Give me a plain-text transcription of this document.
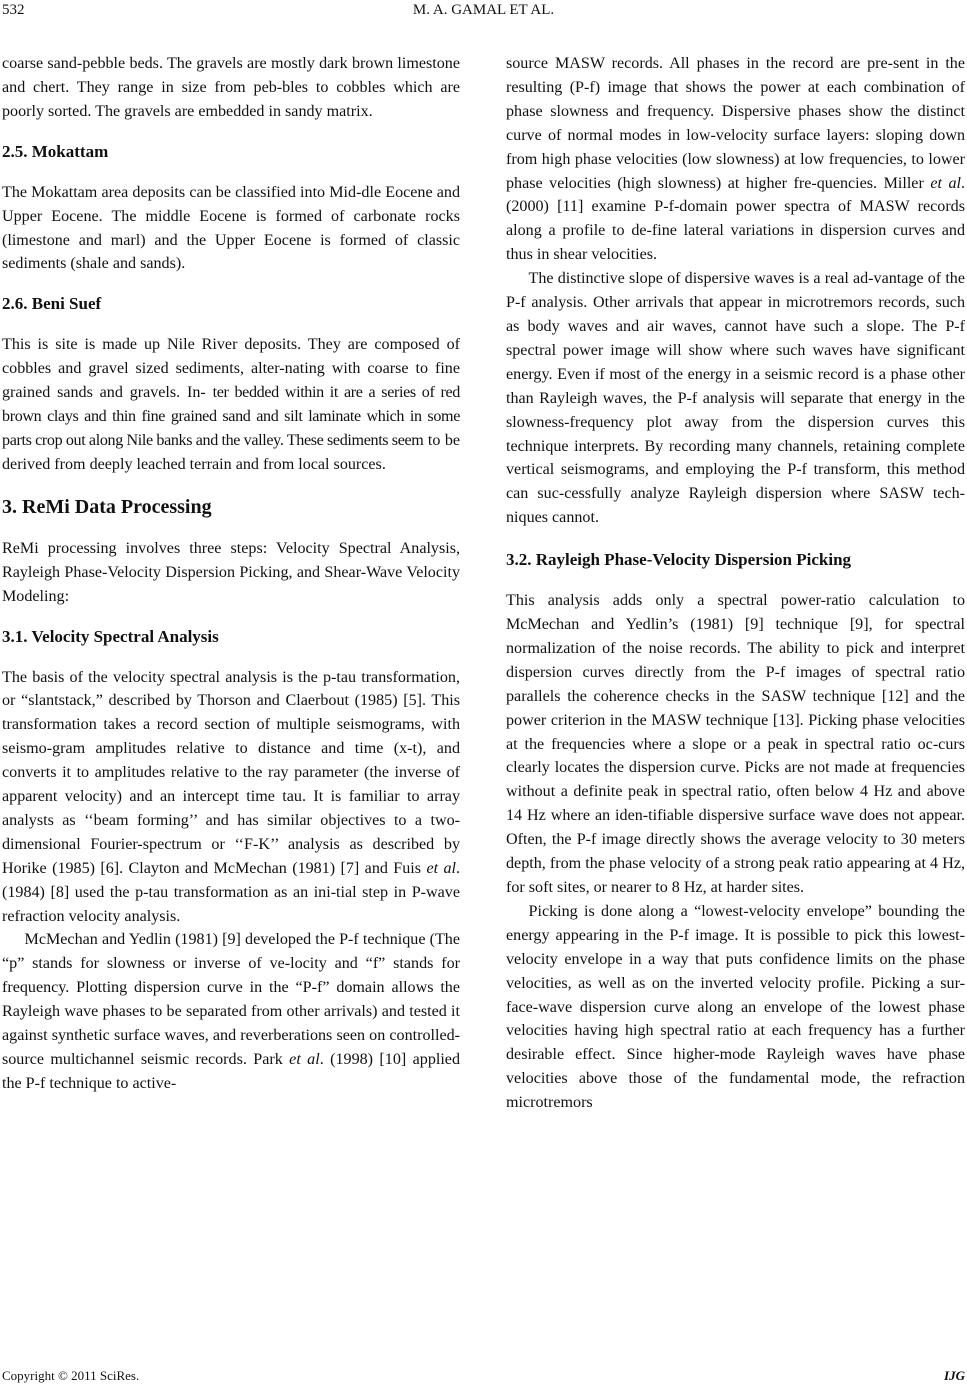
532	M. A. GAMAL ET AL.

coarse sand-pebble beds. The gravels are mostly dark brown limestone and chert. They range in size from peb-bles to cobbles which are poorly sorted. The gravels are embedded in sandy matrix.

2.5. Mokattam

The Mokattam area deposits can be classified into Mid-dle Eocene and Upper Eocene. The middle Eocene is formed of carbonate rocks (limestone and marl) and the Upper Eocene is formed of classic sediments (shale and sands).

2.6. Beni Suef

This is site is made up Nile River deposits. They are composed of cobbles and gravel sized sediments, alter-nating with coarse to fine grained sands and gravels. In- ter bedded within it are a series of red brown clays and thin fine grained sand and silt laminate which in some parts crop out along Nile banks and the valley. These sediments seem to be derived from deeply leached terrain and from local sources.

3. ReMi Data Processing

ReMi processing involves three steps: Velocity Spectral Analysis, Rayleigh Phase-Velocity Dispersion Picking, and Shear-Wave Velocity Modeling:

3.1. Velocity Spectral Analysis

The basis of the velocity spectral analysis is the p-tau transformation, or “slantstack,” described by Thorson and Claerbout (1985) [5]. This transformation takes a record section of multiple seismograms, with seismo-gram amplitudes relative to distance and time (x-t), and converts it to amplitudes relative to the ray parameter (the inverse of apparent velocity) and an intercept time tau. It is familiar to array analysts as ‘‘beam forming’’ and has similar objectives to a two-dimensional Fourier-spectrum or ‘‘F-K’’ analysis as described by Horike (1985) [6]. Clayton and McMechan (1981) [7] and Fuis et al. (1984) [8] used the p-tau transformation as an ini-tial step in P-wave refraction velocity analysis.

McMechan and Yedlin (1981) [9] developed the P-f technique (The “p” stands for slowness or inverse of ve-locity and “f” stands for frequency. Plotting dispersion curve in the “P-f” domain allows the Rayleigh wave phases to be separated from other arrivals) and tested it against synthetic surface waves, and reverberations seen on controlled-source multichannel seismic records. Park et al. (1998) [10] applied the P-f technique to active-

source MASW records. All phases in the record are pre-sent in the resulting (P-f) image that shows the power at each combination of phase slowness and frequency. Dispersive phases show the distinct curve of normal modes in low-velocity surface layers: sloping down from high phase velocities (low slowness) at low frequencies, to lower phase velocities (high slowness) at higher fre-quencies. Miller et al. (2000) [11] examine P-f-domain power spectra of MASW records along a profile to de-fine lateral variations in dispersion curves and thus in shear velocities.

The distinctive slope of dispersive waves is a real ad-vantage of the P-f analysis. Other arrivals that appear in microtremors records, such as body waves and air waves, cannot have such a slope. The P-f spectral power image will show where such waves have significant energy. Even if most of the energy in a seismic record is a phase other than Rayleigh waves, the P-f analysis will separate that energy in the slowness-frequency plot away from the dispersion curves this technique interprets. By recording many channels, retaining complete vertical seismograms, and employing the P-f transform, this method can suc-cessfully analyze Rayleigh dispersion where SASW tech-niques cannot.

3.2. Rayleigh Phase-Velocity Dispersion Picking

This analysis adds only a spectral power-ratio calculation to McMechan and Yedlin’s (1981) [9] technique [9], for spectral normalization of the noise records. The ability to pick and interpret dispersion curves directly from the P-f images of spectral ratio parallels the coherence checks in the SASW technique [12] and the power criterion in the MASW technique [13]. Picking phase velocities at the frequencies where a slope or a peak in spectral ratio oc-curs clearly locates the dispersion curve. Picks are not made at frequencies without a definite peak in spectral ratio, often below 4 Hz and above 14 Hz where an iden-tifiable dispersive surface wave does not appear. Often, the P-f image directly shows the average velocity to 30 meters depth, from the phase velocity of a strong peak ratio appearing at 4 Hz, for soft sites, or nearer to 8 Hz, at harder sites.

Picking is done along a “lowest-velocity envelope” bounding the energy appearing in the P-f image. It is possible to pick this lowest-velocity envelope in a way that puts confidence limits on the phase velocities, as well as on the inverted velocity profile. Picking a sur-face-wave dispersion curve along an envelope of the lowest phase velocities having high spectral ratio at each frequency has a further desirable effect. Since higher-mode Rayleigh waves have phase velocities above those of the fundamental mode, the refraction microtremors

Copyright © 2011 SciRes.	IJG
